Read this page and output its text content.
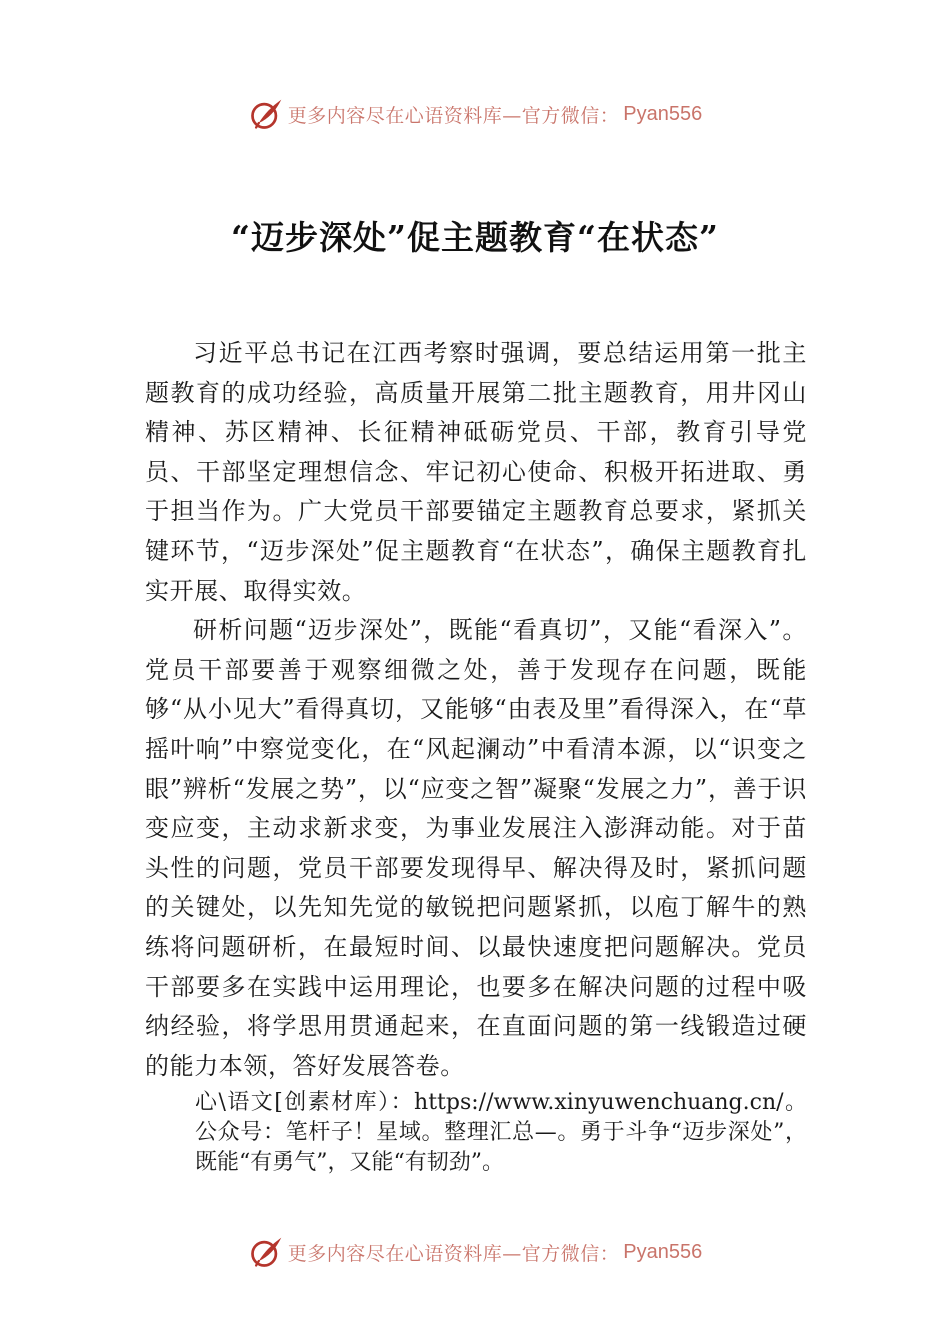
更多内容尽在心语资料库—官方微信： Pyan556
“迈步深处”促主题教育“在状态”

习近平总书记在江西考察时强调，要总结运用第一批主题教育的成功经验，高质量开展第二批主题教育，用井冈山精神、苏区精神、长征精神砥砺党员、干部，教育引导党员、干部坚定理想信念、牢记初心使命、积极开拓进取、勇于担当作为。广大党员干部要锚定主题教育总要求，紧抓关键环节，“迈步深处”促主题教育“在状态”，确保主题教育扎实开展、取得实效。

研析问题“迈步深处”，既能“看真切”，又能“看深入”。党员干部要善于观察细微之处，善于发现存在问题，既能够“从小见大”看得真切，又能够“由表及里”看得深入，在“草摇叶响”中察觉变化，在“风起澜动”中看清本源，以“识变之眼”辨析“发展之势”，以“应变之智”凝聚“发展之力”，善于识变应变，主动求新求变，为事业发展注入澎湃动能。对于苗头性的问题，党员干部要发现得早、解决得及时，紧抓问题的关键处，以先知先觉的敏锐把问题紧抓，以庖丁解牛的熟练将问题研析，在最短时间、以最快速度把问题解决。党员干部要多在实践中运用理论，也要多在解决问题的过程中吸纳经验，将学思用贯通起来，在直面问题的第一线锻造过硬的能力本领，答好发展答卷。

心\语文[创素材库）：https://www.xinyuwenchuang.cn/。公众号：笔杆子！星域。整理汇总—。勇于斗争“迈步深处”，既能“有勇气”，又能“有韧劲”。

更多内容尽在心语资料库—官方微信： Pyan556
